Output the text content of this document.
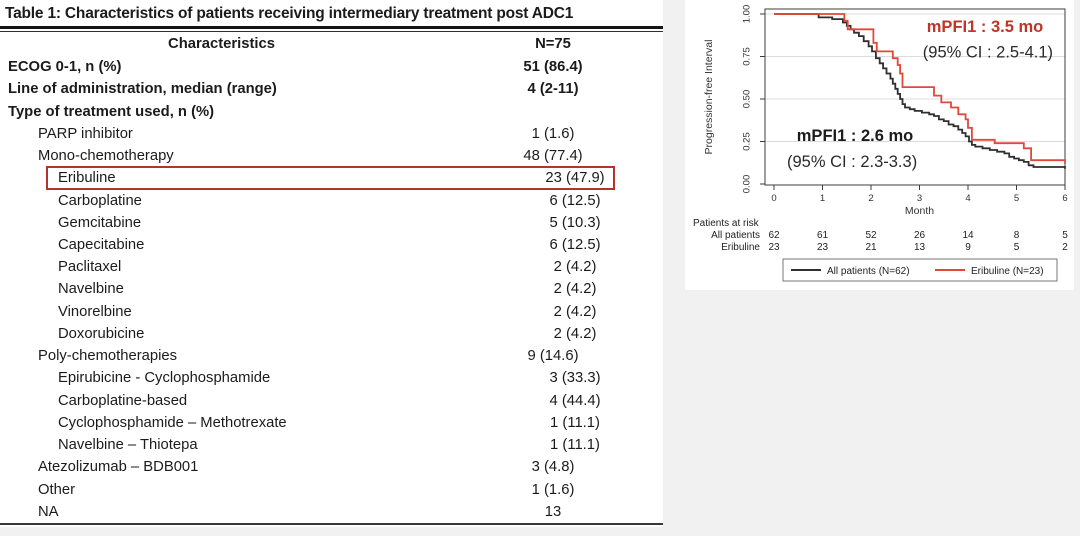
Table 1: Characteristics of patients receiving intermediary treatment post ADC1
Characteristics	N=75
ECOG 0-1, n (%)	51 (86.4)
Line of administration, median (range)	4 (2-11)
Type of treatment used, n (%)
PARP inhibitor	1 (1.6)
Mono-chemotherapy	48 (77.4)
Eribuline	23 (47.9)
Carboplatine	6 (12.5)
Gemcitabine	5 (10.3)
Capecitabine	6 (12.5)
Paclitaxel	2 (4.2)
Navelbine	2 (4.2)
Vinorelbine	2 (4.2)
Doxorubicine	2 (4.2)
Poly-chemotherapies	9 (14.6)
Epirubicine - Cyclophosphamide	3 (33.3)
Carboplatine-based	4 (44.4)
Cyclophosphamide – Methotrexate	1 (11.1)
Navelbine – Thiotepa	1 (11.1)
Atezolizumab – BDB001	3 (4.8)
Other	1 (1.6)
NA	13
0.00
0.25
0.50
0.75
1.00
0	1	2	3	4	5	6
Progression-free Interval
Month
mPFI1 : 3.5 mo
(95% CI : 2.5-4.1)
mPFI1 : 2.6 mo
(95% CI : 2.3-3.3)
Patients at risk
All patients 62	61	52	26	14	8	5
Eribuline 23	23	21	13	9	5	2
All patients (N=62)	Eribuline (N=23)
